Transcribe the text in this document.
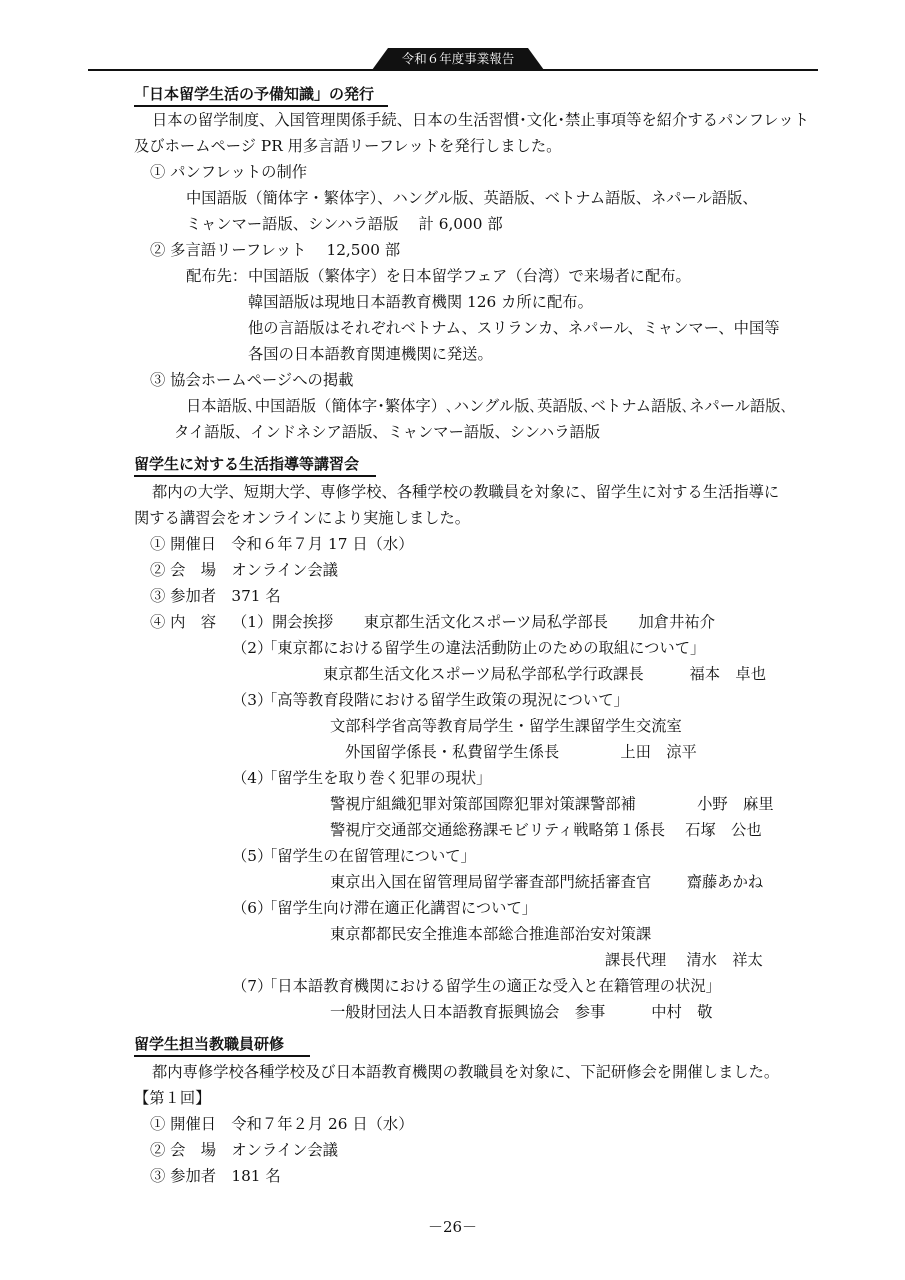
令和６年度事業報告
「日本留学生活の予備知識」の発行
日本の留学制度、入国管理関係手続、日本の生活習慣･文化･禁止事項等を紹介するパンフレット
及びホームページ PR 用多言語リーフレットを発行しました。
① パンフレットの制作
中国語版（簡体字・繁体字）、ハングル版、英語版、ベトナム語版、ネパール語版、
ミャンマー語版、シンハラ語版　 計 6,000 部
② 多言語リーフレット　 12,500 部
配布先： 中国語版（繁体字）を日本留学フェア（台湾）で来場者に配布。
韓国語版は現地日本語教育機関 126 カ所に配布。
他の言語版はそれぞれベトナム、スリランカ、ネパール、ミャンマー、中国等
各国の日本語教育関連機関に発送。
③ 協会ホームページへの掲載
日本語版､中国語版（簡体字･繁体字）､ハングル版､英語版､ベトナム語版､ネパール語版､
タイ語版、インドネシア語版、ミャンマー語版、シンハラ語版
留学生に対する生活指導等講習会
都内の大学、短期大学、専修学校、各種学校の教職員を対象に、留学生に対する生活指導に
関する講習会をオンラインにより実施しました。
① 開催日　令和６年７月 17 日（水）
② 会　場　オンライン会議
③ 参加者　371 名
④ 内　容 （1） 開会挨拶　　東京都生活文化スポーツ局私学部長　　加倉井祐介
（2）
「東京都における留学生の違法活動防止のための取組について」
東京都生活文化スポーツ局私学部私学行政課長　　　福本　卓也
（3）
「高等教育段階における留学生政策の現況について」
文部科学省高等教育局学生・留学生課留学生交流室
外国留学係長・私費留学生係長　　　　上田　涼平
（4）
「留学生を取り巻く犯罪の現状」
警視庁組織犯罪対策部国際犯罪対策課警部補　　　　小野　麻里
警視庁交通部交通総務課モビリティ戦略第１係長　 石塚　公也
（5）
「留学生の在留管理について」
東京出入国在留管理局留学審査部門統括審査官　　 齋藤あかね
（6）
「留学生向け滞在適正化講習について」
東京都都民安全推進本部総合推進部治安対策課
課長代理　 清水　祥太
（7）
「日本語教育機関における留学生の適正な受入と在籍管理の状況」
一般財団法人日本語教育振興協会　参事　　　中村　敬
留学生担当教職員研修
都内専修学校各種学校及び日本語教育機関の教職員を対象に、下記研修会を開催しました。
【第１回】
① 開催日　令和７年２月 26 日（水）
② 会　場　オンライン会議
③ 参加者　181 名
－26－
